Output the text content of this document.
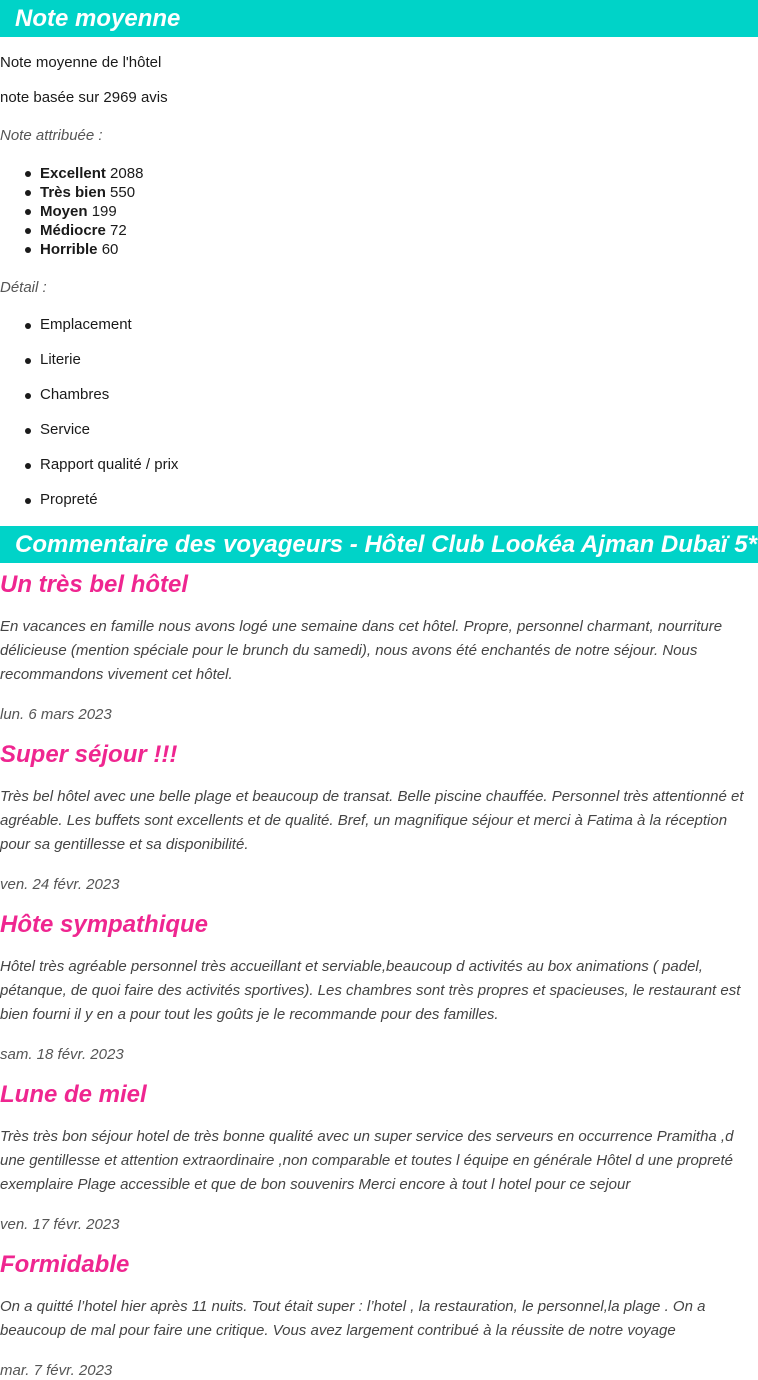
Note moyenne

Note moyenne de l'hôtel

note basée sur 2969 avis

Note attribuée :

Excellent 2088
Très bien 550
Moyen 199
Médiocre 72
Horrible 60

Détail :

Emplacement
Literie
Chambres
Service
Rapport qualité / prix
Propreté
Commentaire des voyageurs - Hôtel Club Lookéa Ajman Dubaï 5*
Un très bel hôtel

En vacances en famille nous avons logé une semaine dans cet hôtel. Propre, personnel charmant, nourriture délicieuse (mention spéciale pour le brunch du samedi), nous avons été enchantés de notre séjour. Nous recommandons vivement cet hôtel.

lun. 6 mars 2023

Super séjour !!!

Très bel hôtel avec une belle plage et beaucoup de transat. Belle piscine chauffée. Personnel très attentionné et agréable. Les buffets sont excellents et de qualité. Bref, un magnifique séjour et merci à Fatima à la réception pour sa gentillesse et sa disponibilité.

ven. 24 févr. 2023

Hôte sympathique

Hôtel très agréable personnel très accueillant et serviable,beaucoup d activités au box animations ( padel, pétanque, de quoi faire des activités sportives). Les chambres sont très propres et spacieuses, le restaurant est bien fourni il y en a pour tout les goûts je le recommande pour des familles.

sam. 18 févr. 2023

Lune de miel

Très très bon séjour hotel de très bonne qualité avec un super service des serveurs en occurrence Pramitha ,d une gentillesse et attention extraordinaire ,non comparable et toutes l équipe en générale Hôtel d une propreté exemplaire Plage accessible et que de bon souvenirs Merci encore à tout l hotel pour ce sejour

ven. 17 févr. 2023

Formidable

On a quitté l’hotel hier après 11 nuits. Tout était super : l’hotel , la restauration, le personnel,la plage . On a beaucoup de mal pour faire une critique. Vous avez largement contribué à la réussite de notre voyage

mar. 7 févr. 2023
